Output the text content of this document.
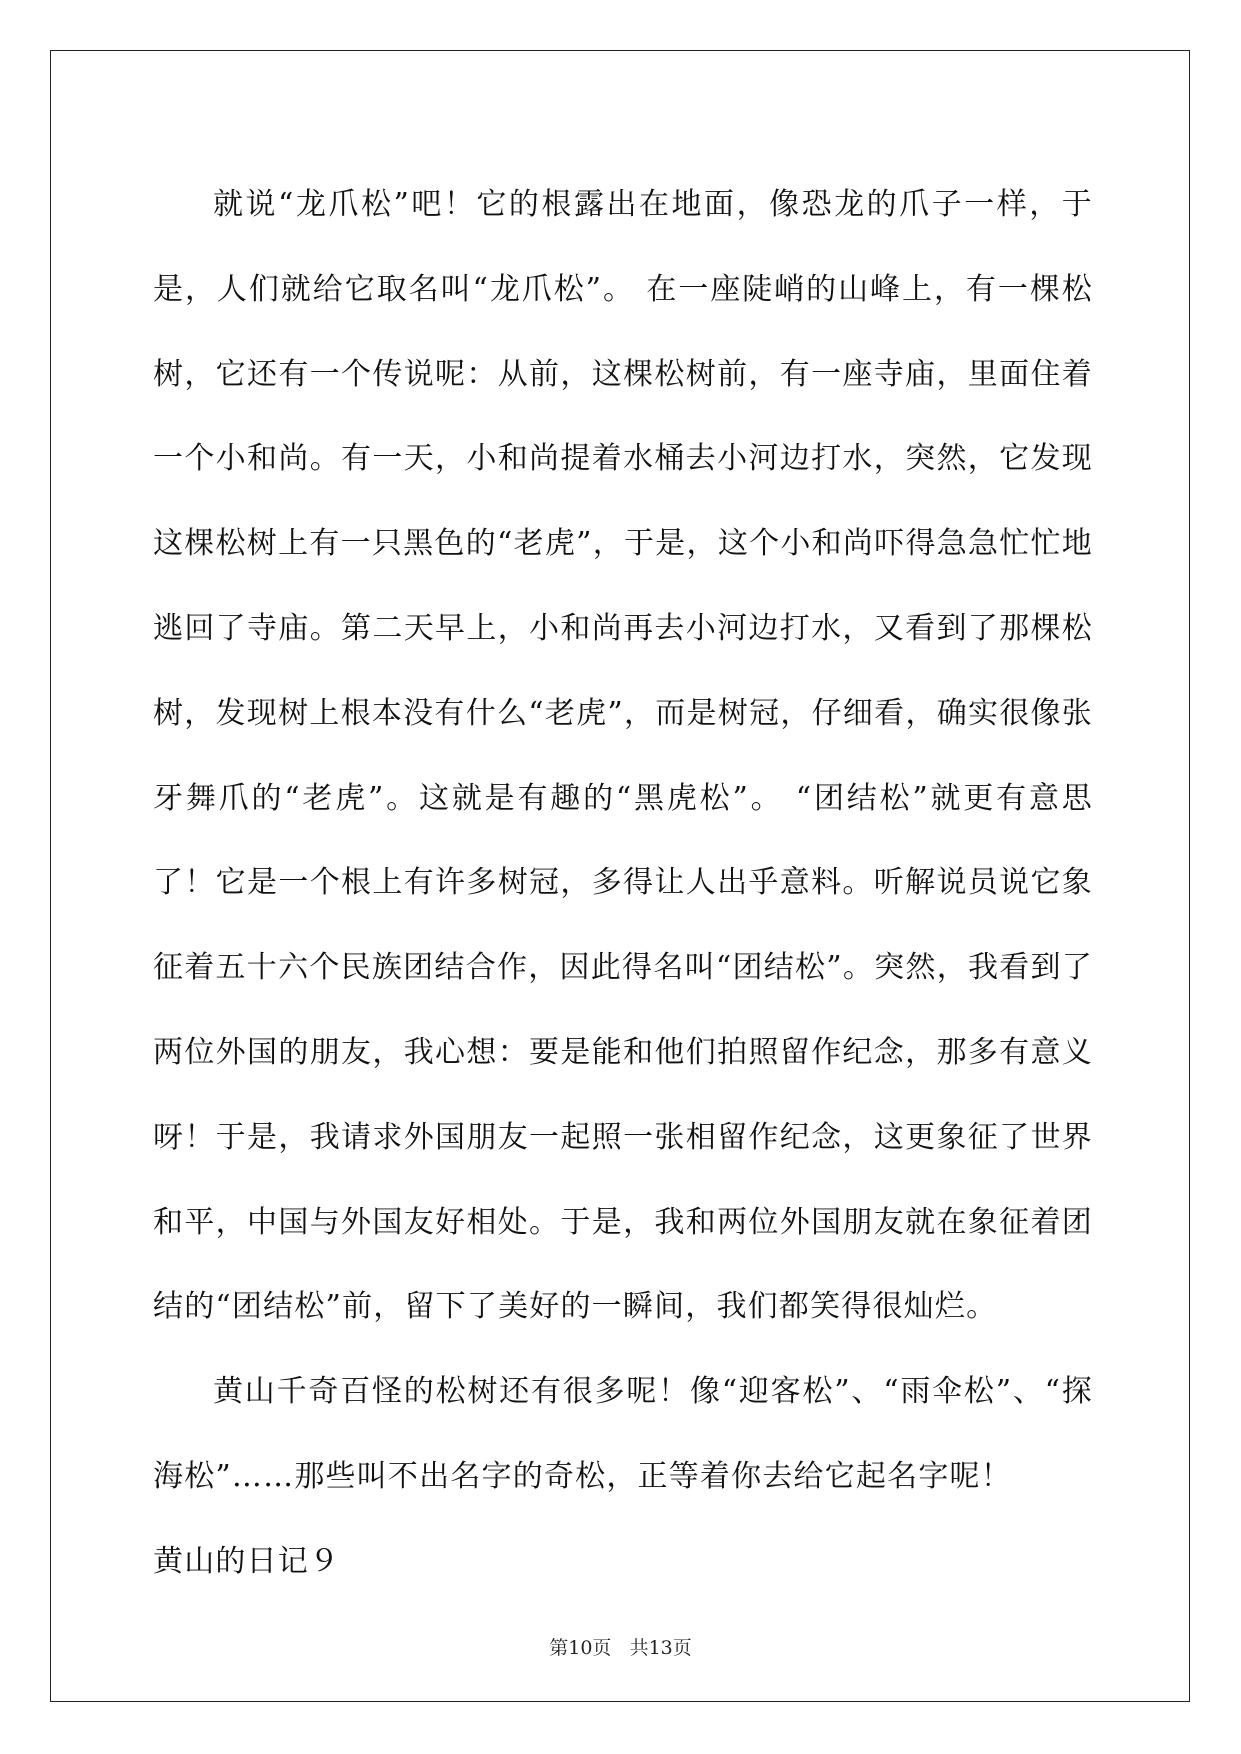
就说“龙爪松”吧！它的根露出在地面，像恐龙的爪子一样，于是，人们就给它取名叫“龙爪松”。 在一座陡峭的山峰上，有一棵松树，它还有一个传说呢：从前，这棵松树前，有一座寺庙，里面住着一个小和尚。有一天，小和尚提着水桶去小河边打水，突然，它发现这棵松树上有一只黑色的“老虎”，于是，这个小和尚吓得急急忙忙地逃回了寺庙。第二天早上，小和尚再去小河边打水，又看到了那棵松树，发现树上根本没有什么“老虎”，而是树冠，仔细看，确实很像张牙舞爪的“老虎”。这就是有趣的“黑虎松”。 “团结松”就更有意思了！它是一个根上有许多树冠，多得让人出乎意料。听解说员说它象征着五十六个民族团结合作，因此得名叫“团结松”。突然，我看到了两位外国的朋友，我心想：要是能和他们拍照留作纪念，那多有意义呀！于是，我请求外国朋友一起照一张相留作纪念，这更象征了世界和平，中国与外国友好相处。于是，我和两位外国朋友就在象征着团结的“团结松”前，留下了美好的一瞬间，我们都笑得很灿烂。

黄山千奇百怪的松树还有很多呢！像“迎客松”、“雨伞松”、“探海松”……那些叫不出名字的奇松，正等着你去给它起名字呢！

黄山的日记９

第10页 共13页
